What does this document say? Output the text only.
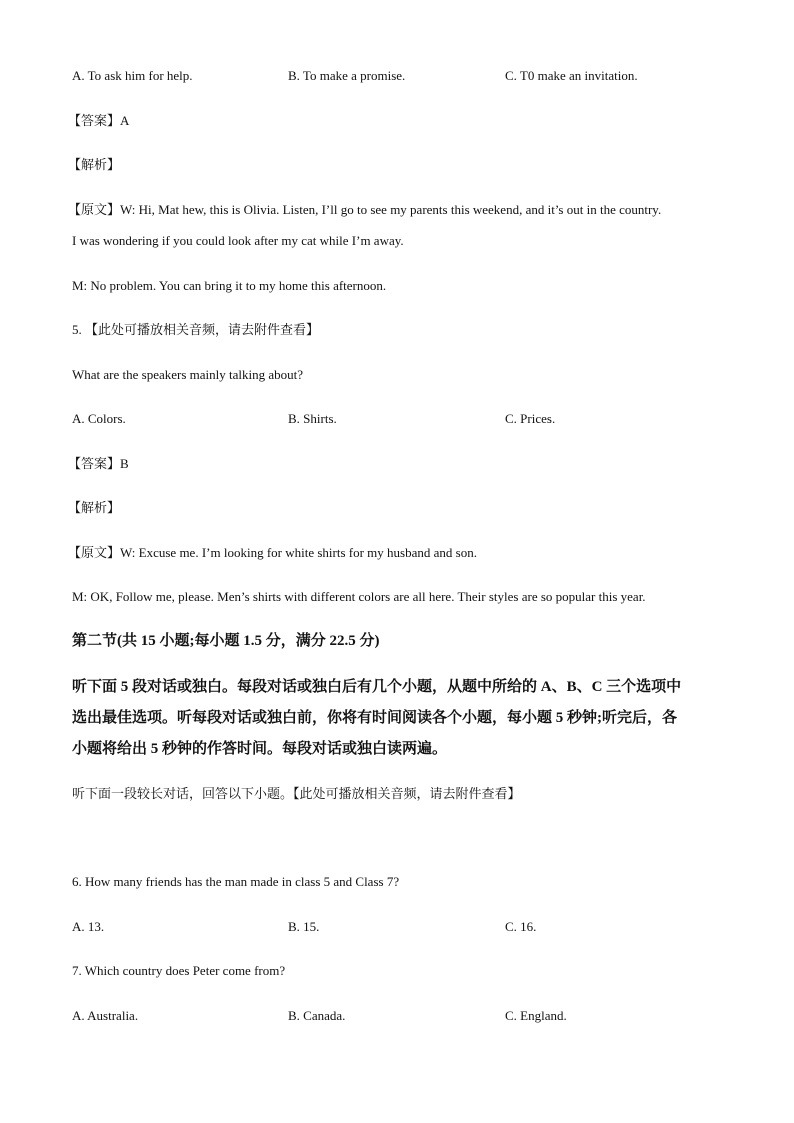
A. To ask him for help.	B. To make a promise.	C. T0 make an invitation.
【答案】A
【解析】
【原文】W: Hi, Mat hew, this is Olivia. Listen, I’ll go to see my parents this weekend, and it’s out in the country.
I was wondering if you could look after my cat while I’m away.
M: No problem. You can bring it to my home this afternoon.
5. 【此处可播放相关音频，请去附件查看】
What are the speakers mainly talking about?
A. Colors.	B. Shirts.	C. Prices.
【答案】B
【解析】
【原文】W: Excuse me. I’m looking for white shirts for my husband and son.
M: OK, Follow me, please. Men’s shirts with different colors are all here. Their styles are so popular this year.
第二节(共 15 小题;每小题 1.5 分，满分 22.5 分)
听下面 5 段对话或独白。每段对话或独白后有几个小题，从题中所给的 A、B、C 三个选项中
选出最佳选项。听每段对话或独白前，你将有时间阅读各个小题，每小题 5 秒钟;听完后，各
小题将给出 5 秒钟的作答时间。每段对话或独白读两遍。
听下面一段较长对话，回答以下小题。【此处可播放相关音频，请去附件查看】
6. How many friends has the man made in class 5 and Class 7?
A. 13.	B. 15.	C. 16.
7. Which country does Peter come from?
A. Australia.	B. Canada.	C. England.
